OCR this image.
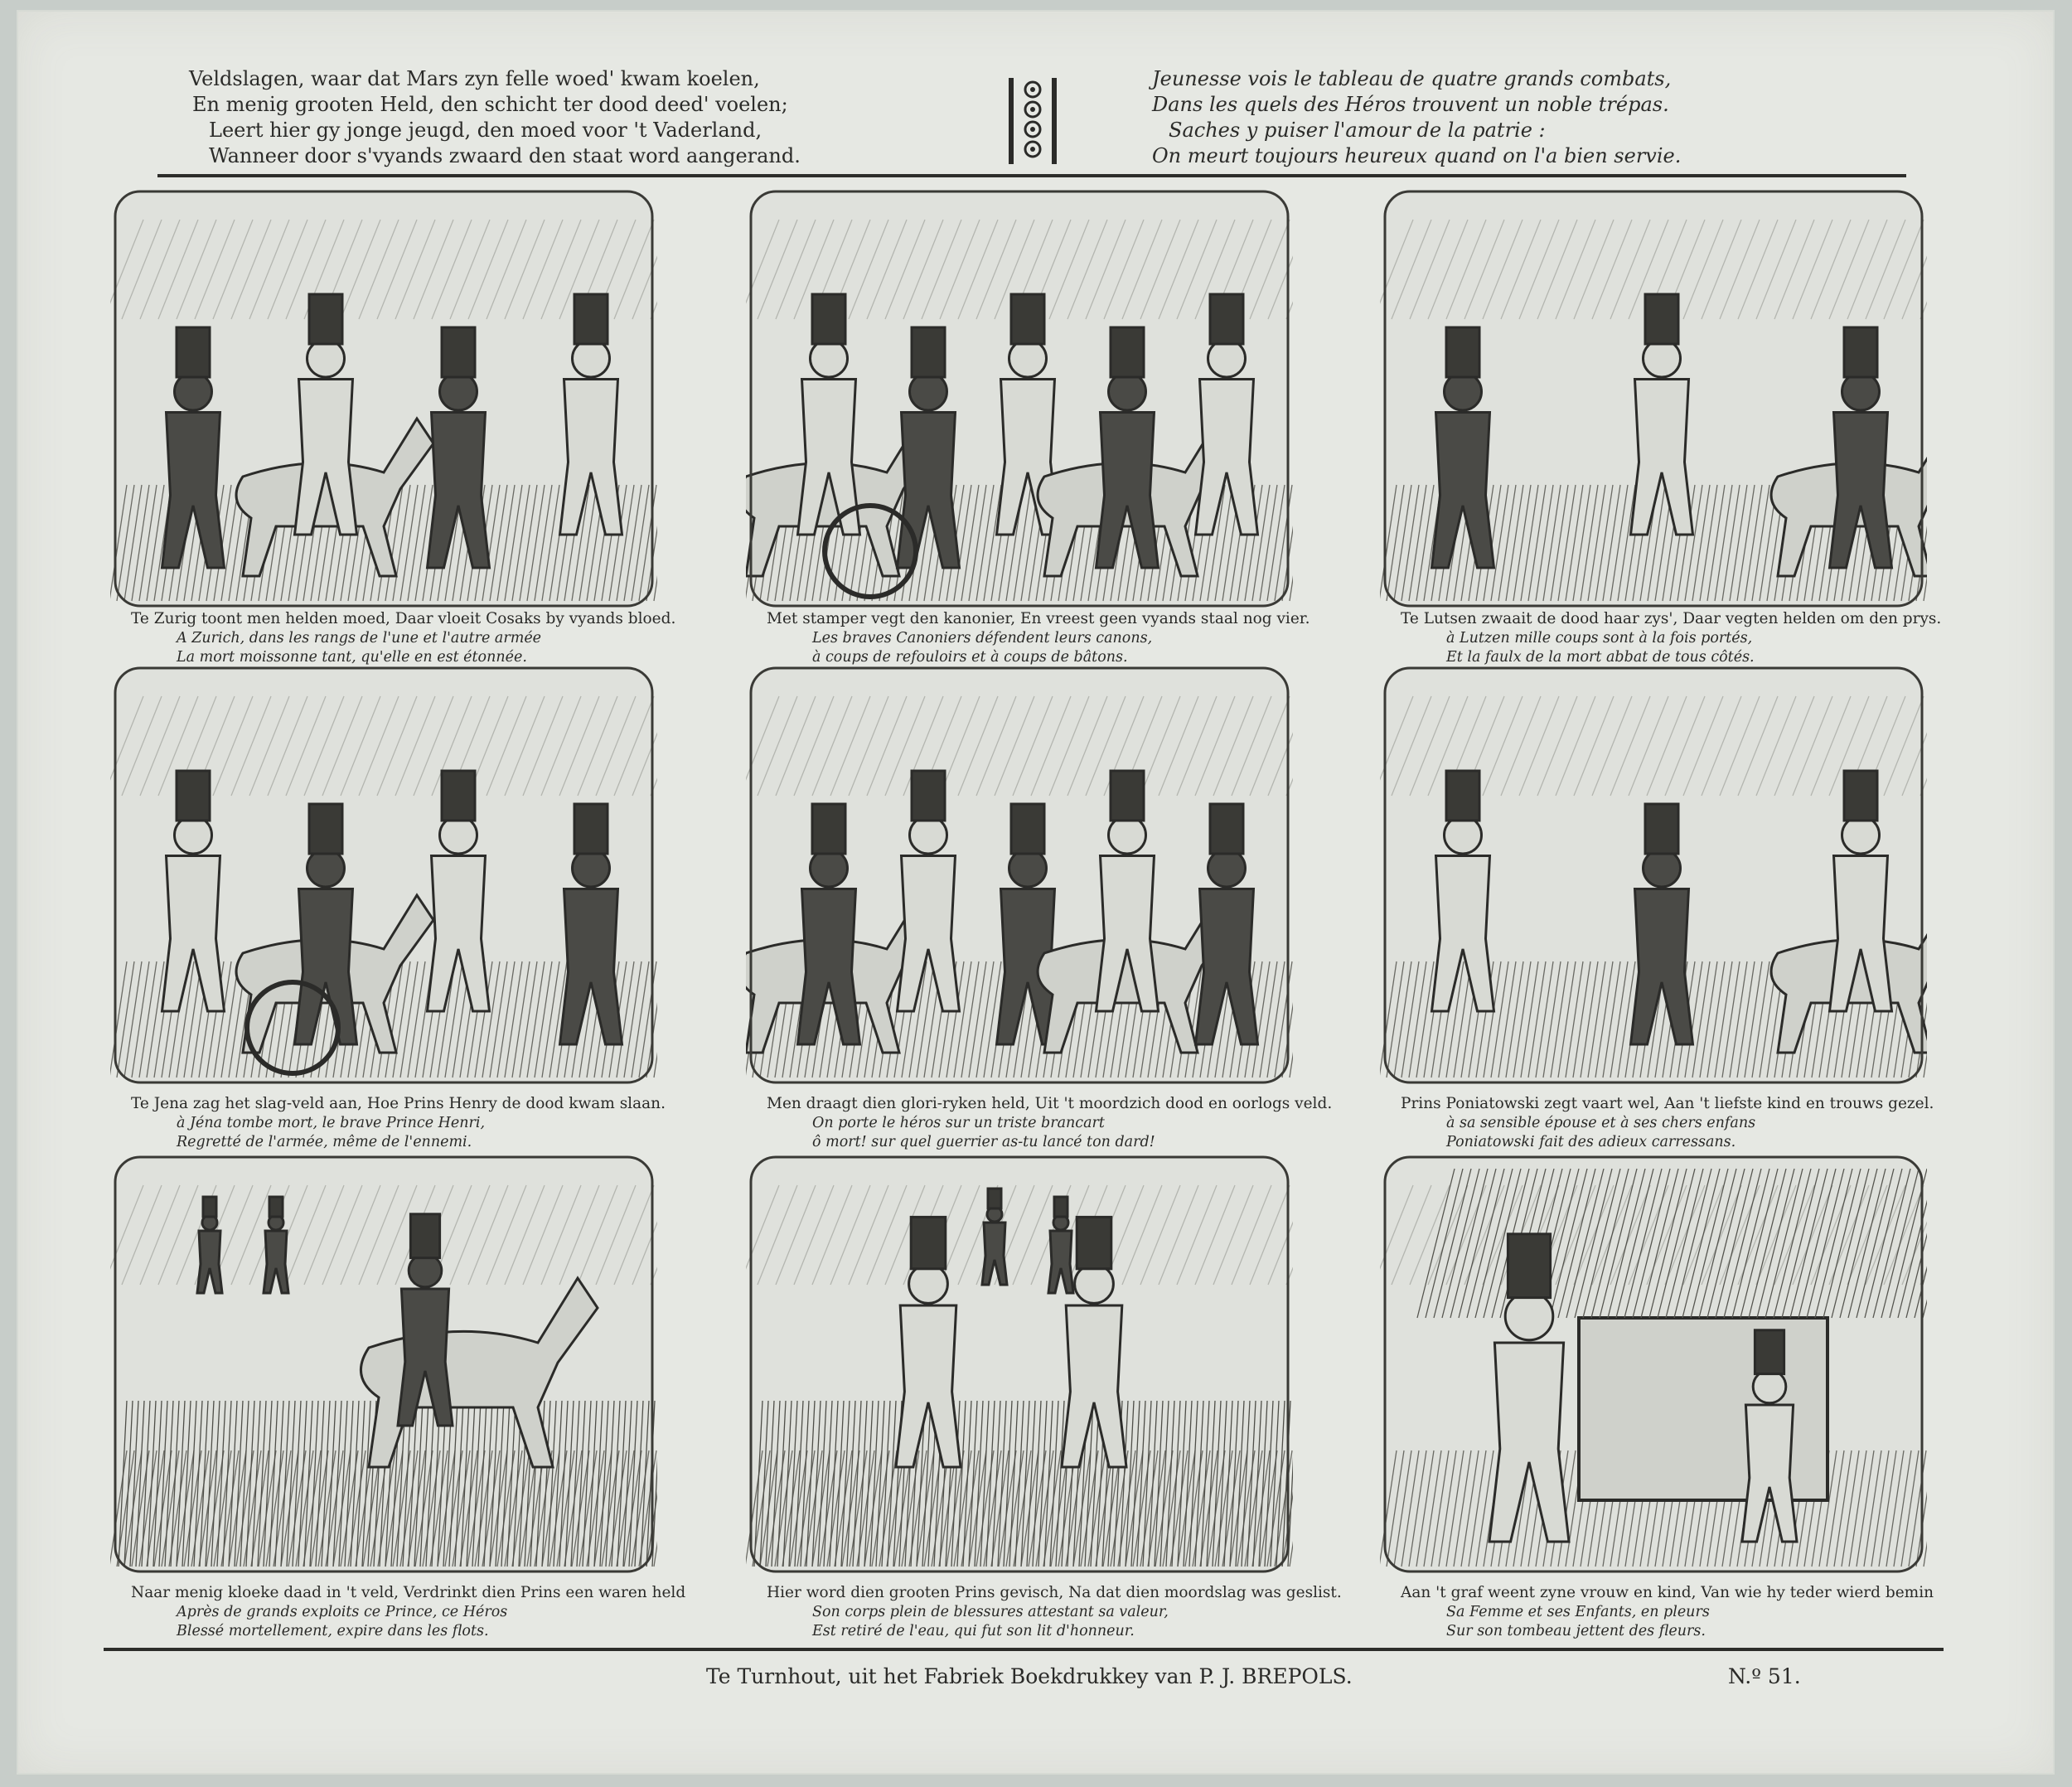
Veldslagen, waar dat Mars zyn felle woed' kwam koelen,
En menig grooten Held, den schicht ter dood deed' voelen;
Leert hier gy jonge jeugd, den moed voor 't Vaderland,
Wanneer door s'vyands zwaard den staat word aangerand.
Jeunesse vois le tableau de quatre grands combats,
Dans les quels des Héros trouvent un noble trépas.
Saches y puiser l'amour de la patrie :
On meurt toujours heureux quand on l'a bien servie.
Te Zurig toont men helden moed, Daar vloeit Cosaks by vyands bloed.
A Zurich, dans les rangs de l'une et l'autre armée
La mort moissonne tant, qu'elle en est étonnée.
Met stamper vegt den kanonier, En vreest geen vyands staal nog vier.
Les braves Canoniers défendent leurs canons,
à coups de refouloirs et à coups de bâtons.
Te Lutsen zwaait de dood haar zys', Daar vegten helden om den prys.
à Lutzen mille coups sont à la fois portés,
Et la faulx de la mort abbat de tous côtés.
Te Jena zag het slag-veld aan, Hoe Prins Henry de dood kwam slaan.
à Jéna tombe mort, le brave Prince Henri,
Regretté de l'armée, même de l'ennemi.
Men draagt dien glori-ryken held, Uit 't moordzich dood en oorlogs veld.
On porte le héros sur un triste brancart
ô mort! sur quel guerrier as-tu lancé ton dard!
Prins Poniatowski zegt vaart wel, Aan 't liefste kind en trouws gezel.
à sa sensible épouse et à ses chers enfans
Poniatowski fait des adieux carressans.
Naar menig kloeke daad in 't veld, Verdrinkt dien Prins een waren held
Après de grands exploits ce Prince, ce Héros
Blessé mortellement, expire dans les flots.
Hier word dien grooten Prins gevisch, Na dat dien moordslag was geslist.
Son corps plein de blessures attestant sa valeur,
Est retiré de l'eau, qui fut son lit d'honneur.
Aan 't graf weent zyne vrouw en kind, Van wie hy teder wierd bemin
Sa Femme et ses Enfants, en pleurs
Sur son tombeau jettent des fleurs.
Te Turnhout, uit het Fabriek Boekdrukkey van P. J. BREPOLS.	N.º 51.
